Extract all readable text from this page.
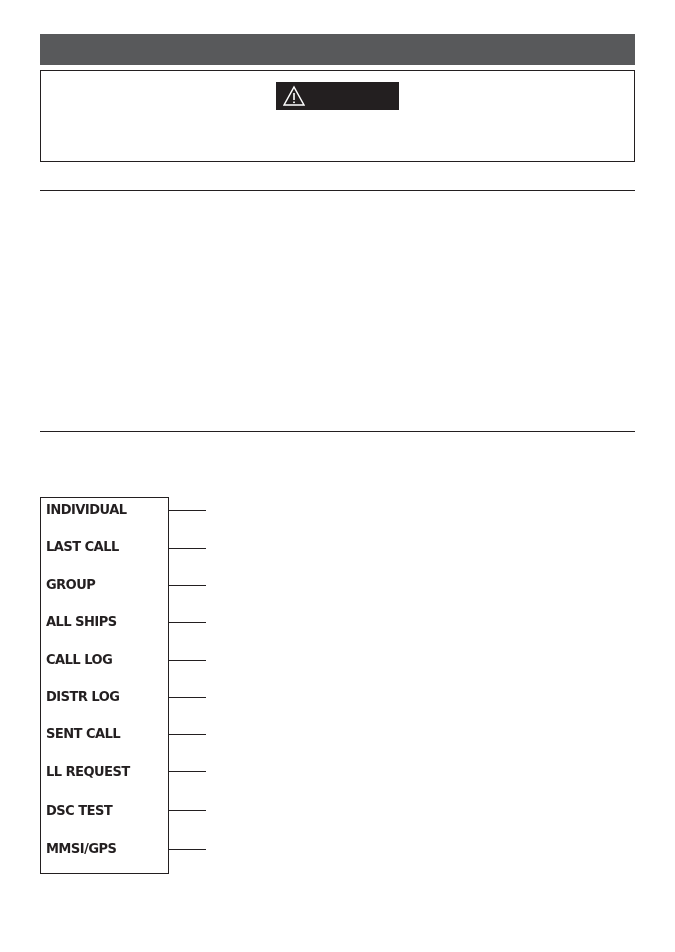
INDIVIDUAL
LAST CALL
GROUP
ALL SHIPS
CALL LOG
DISTR LOG
SENT CALL
LL REQUEST
DSC TEST
MMSI/GPS
